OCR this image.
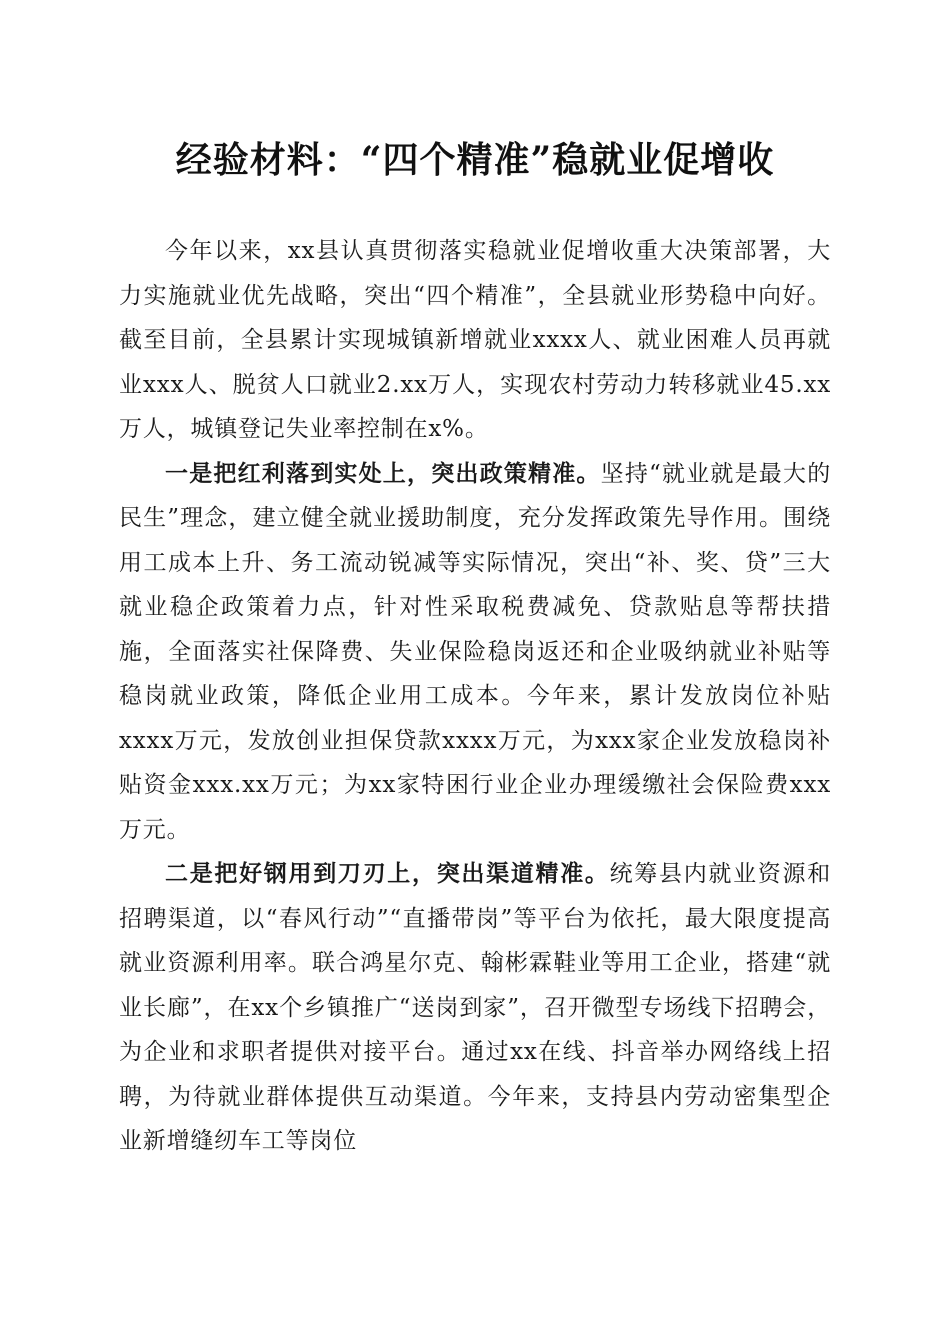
经验材料：“四个精准”稳就业促增收

今年以来，xx县认真贯彻落实稳就业促增收重大决策部署，大力实施就业优先战略，突出“四个精准”，全县就业形势稳中向好。截至目前，全县累计实现城镇新增就业xxxx人、就业困难人员再就业xxx人、脱贫人口就业2.xx万人，实现农村劳动力转移就业45.xx万人，城镇登记失业率控制在x%。

一是把红利落到实处上，突出政策精准。坚持“就业就是最大的民生”理念，建立健全就业援助制度，充分发挥政策先导作用。围绕用工成本上升、务工流动锐减等实际情况，突出“补、奖、贷”三大就业稳企政策着力点，针对性采取税费减免、贷款贴息等帮扶措施，全面落实社保降费、失业保险稳岗返还和企业吸纳就业补贴等稳岗就业政策，降低企业用工成本。今年来，累计发放岗位补贴xxxx万元，发放创业担保贷款xxxx万元，为xxx家企业发放稳岗补贴资金xxx.xx万元；为xx家特困行业企业办理缓缴社会保险费xxx万元。

二是把好钢用到刀刃上，突出渠道精准。统筹县内就业资源和招聘渠道，以“春风行动”“直播带岗”等平台为依托，最大限度提高就业资源利用率。联合鸿星尔克、翰彬霖鞋业等用工企业，搭建“就业长廊”，在xx个乡镇推广“送岗到家”，召开微型专场线下招聘会，为企业和求职者提供对接平台。通过xx在线、抖音举办网络线上招聘，为待就业群体提供互动渠道。今年来，支持县内劳动密集型企业新增缝纫车工等岗位
